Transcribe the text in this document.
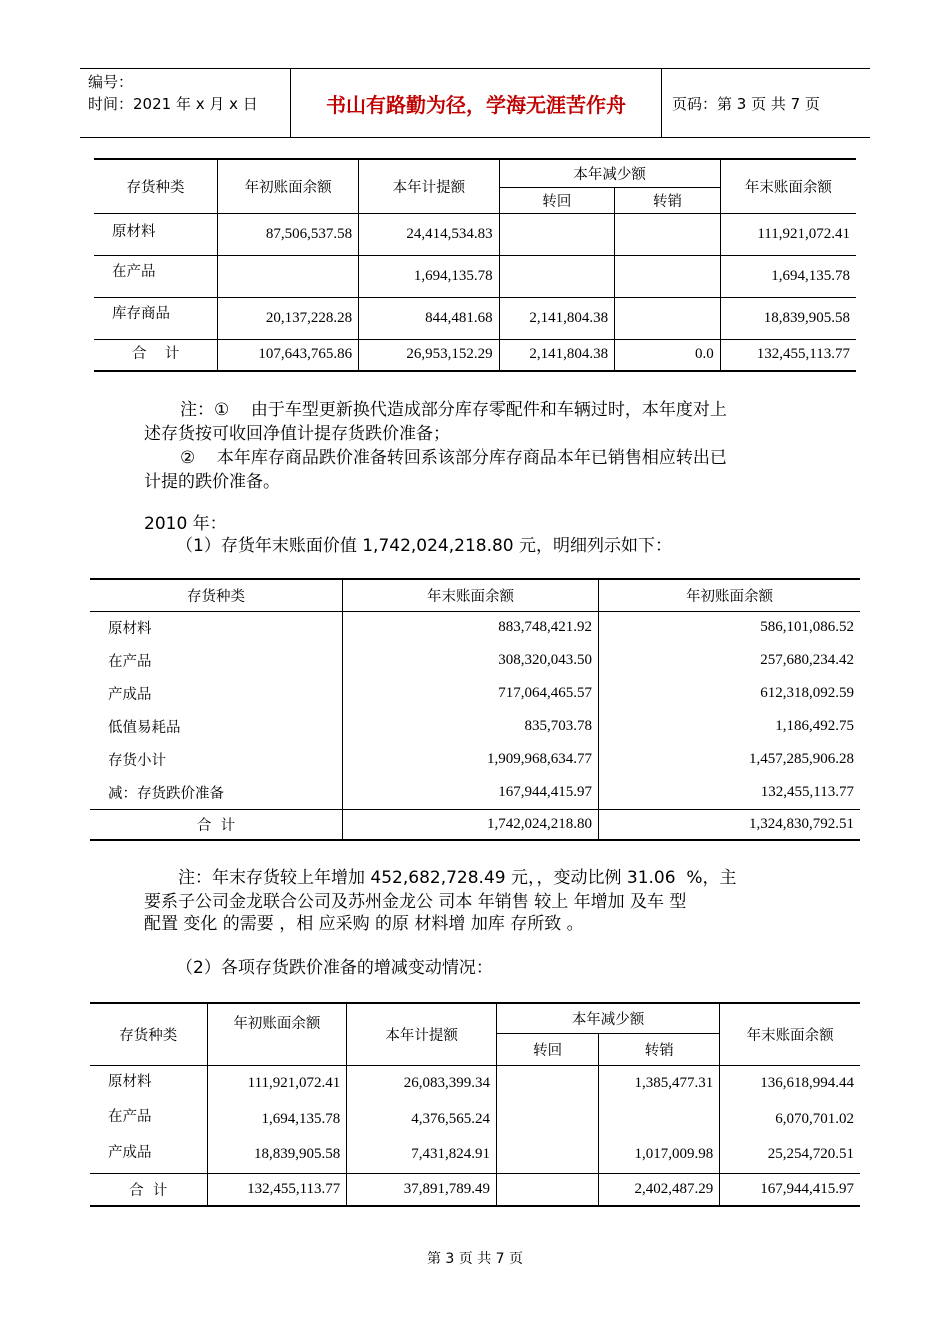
编号：
时间：2021 年 x 月 x 日	书山有路勤为径，学海无涯苦作舟	页码：第 3 页 共 7 页
存货种类	年初账面余额	本年计提额	本年减少额		年末账面余额
			转回	转销	
原材料	87,506,537.58	24,414,534.83			111,921,072.41
在产品		1,694,135.78			1,694,135.78
库存商品	20,137,228.28	844,481.68	2,141,804.38		18,839,905.58
合    计	107,643,765.86	26,953,152.29	2,141,804.38	0.0	132,455,113.77
注：①    由于车型更新换代造成部分库存零配件和车辆过时，本年度对上
述存货按可收回净值计提存货跌价准备；
②    本年库存商品跌价准备转回系该部分库存商品本年已销售相应转出已
计提的跌价准备。
2010 年：
（1）存货年末账面价值 1,742,024,218.80 元，明细列示如下：
存货种类	年末账面余额	年初账面余额
原材料	883,748,421.92	586,101,086.52
在产品	308,320,043.50	257,680,234.42
产成品	717,064,465.57	612,318,092.59
低值易耗品	835,703.78	1,186,492.75
存货小计	1,909,968,634.77	1,457,285,906.28
减：存货跌价准备	167,944,415.97	132,455,113.77
合  计	1,742,024,218.80	1,324,830,792.51
注：年末存货较上年增加 452,682,728.49 元，，变动比例 31.06  %，主
要系子公司金龙联合公司及苏州金龙公 司本 年销售 较上 年增加 及车 型
配置 变化 的需要 ，相 应采购 的原 材料增 加库 存所致 。
（2）各项存货跌价准备的增减变动情况：
存货种类	年初账面余额	本年计提额	本年减少额		年末账面余额
			转回	转销	
原材料	111,921,072.41	26,083,399.34		1,385,477.31	136,618,994.44
在产品	1,694,135.78	4,376,565.24			6,070,701.02
产成品	18,839,905.58	7,431,824.91		1,017,009.98	25,254,720.51
合  计	132,455,113.77	37,891,789.49		2,402,487.29	167,944,415.97
第 3 页 共 7 页
